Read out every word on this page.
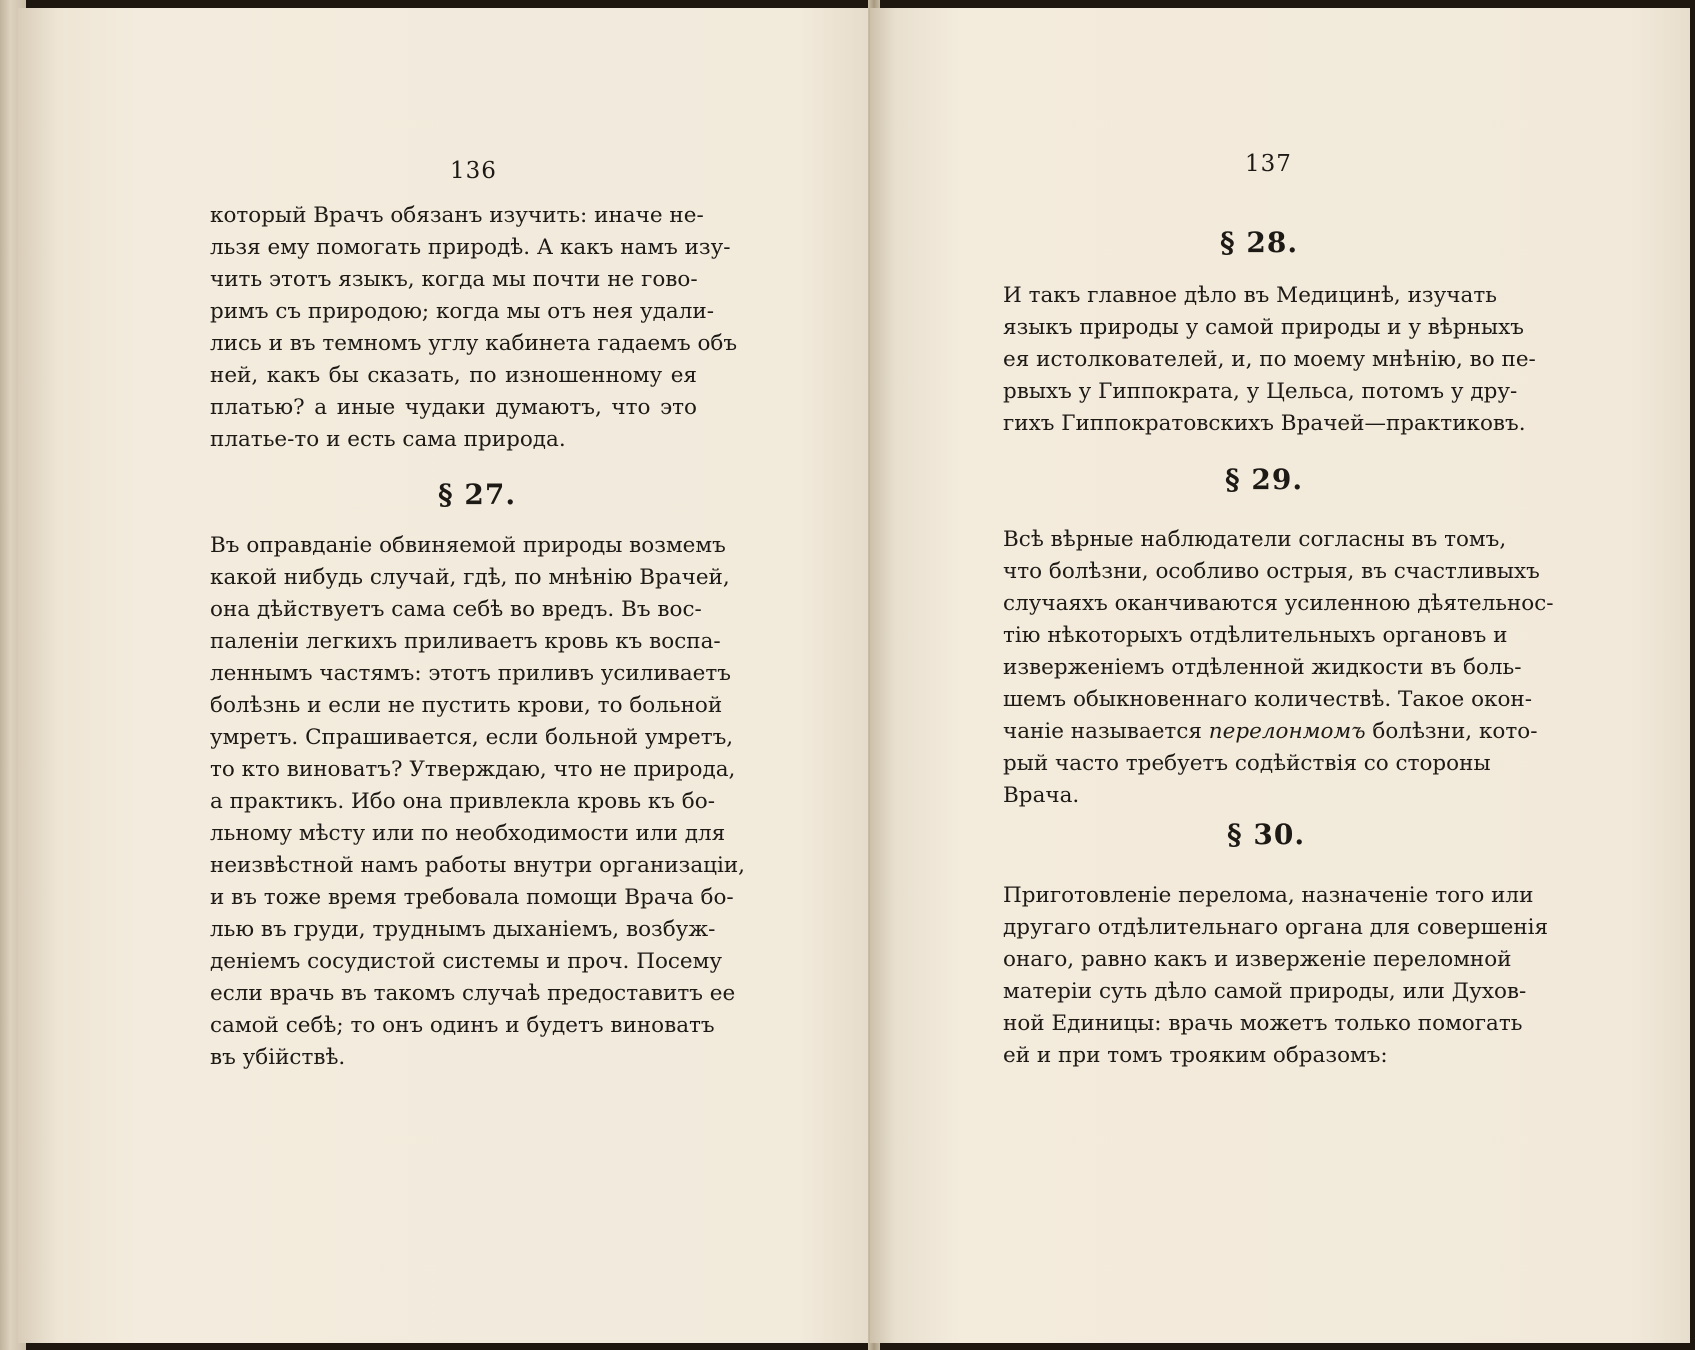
136
который Врачъ обязанъ изучить: иначе не-
льзя ему помогать природѣ. А какъ намъ изу-
чить этотъ языкъ, когда мы почти не гово-
римъ съ природою; когда мы отъ нея удали-
лись и въ темномъ углу кабинета гадаемъ объ
ней, какъ бы сказать, по изношенному ея
платью? а иные чудаки думаютъ, что это
платье-то и есть сама природа.
§ 27.
Въ оправданіе обвиняемой природы возмемъ
какой нибудь случай, гдѣ, по мнѣнію Врачей,
она дѣйствуетъ сама себѣ во вредъ. Въ вос-
паленіи легкихъ приливаетъ кровь къ воспа-
леннымъ частямъ: этотъ приливъ усиливаетъ
болѣзнь и если не пустить крови, то больной
умретъ. Спрашивается, если больной умретъ,
то кто виноватъ? Утверждаю, что не природа,
а практикъ. Ибо она привлекла кровь къ бо-
льному мѣсту или по необходимости или для
неизвѣстной намъ работы внутри организаціи,
и въ тоже время требовала помощи Врача бо-
лью въ груди, труднымъ дыханіемъ, возбуж-
деніемъ сосудистой системы и проч. Посему
если врачь въ такомъ случаѣ предоставитъ ее
самой себѣ; то онъ одинъ и будетъ виноватъ
въ убійствѣ.
137
§ 28.
И такъ главное дѣло въ Медицинѣ, изучать
языкъ природы у самой природы и у вѣрныхъ
ея истолкователей, и, по моему мнѣнію, во пе-
рвыхъ у Гиппократа, у Цельса, потомъ у дру-
гихъ Гиппократовскихъ Врачей—практиковъ.
§ 29.
Всѣ вѣрные наблюдатели согласны въ томъ,
что болѣзни, особливо острыя, въ счастливыхъ
случаяхъ оканчиваются усиленною дѣятельнос-
тію нѣкоторыхъ отдѣлительныхъ органовъ и
изверженіемъ отдѣленной жидкости въ боль-
шемъ обыкновеннаго количествѣ. Такое окон-
чаніе называется перелонмомъ болѣзни, кото-
рый часто требуетъ содѣйствія со стороны
Врача.
§ 30.
Приготовленіе перелома, назначеніе того или
другаго отдѣлительнаго органа для совершенія
онаго, равно какъ и изверженіе переломной
матеріи суть дѣло самой природы, или Духов-
ной Единицы: врачь можетъ только помогать
ей и при томъ трояким образомъ:
